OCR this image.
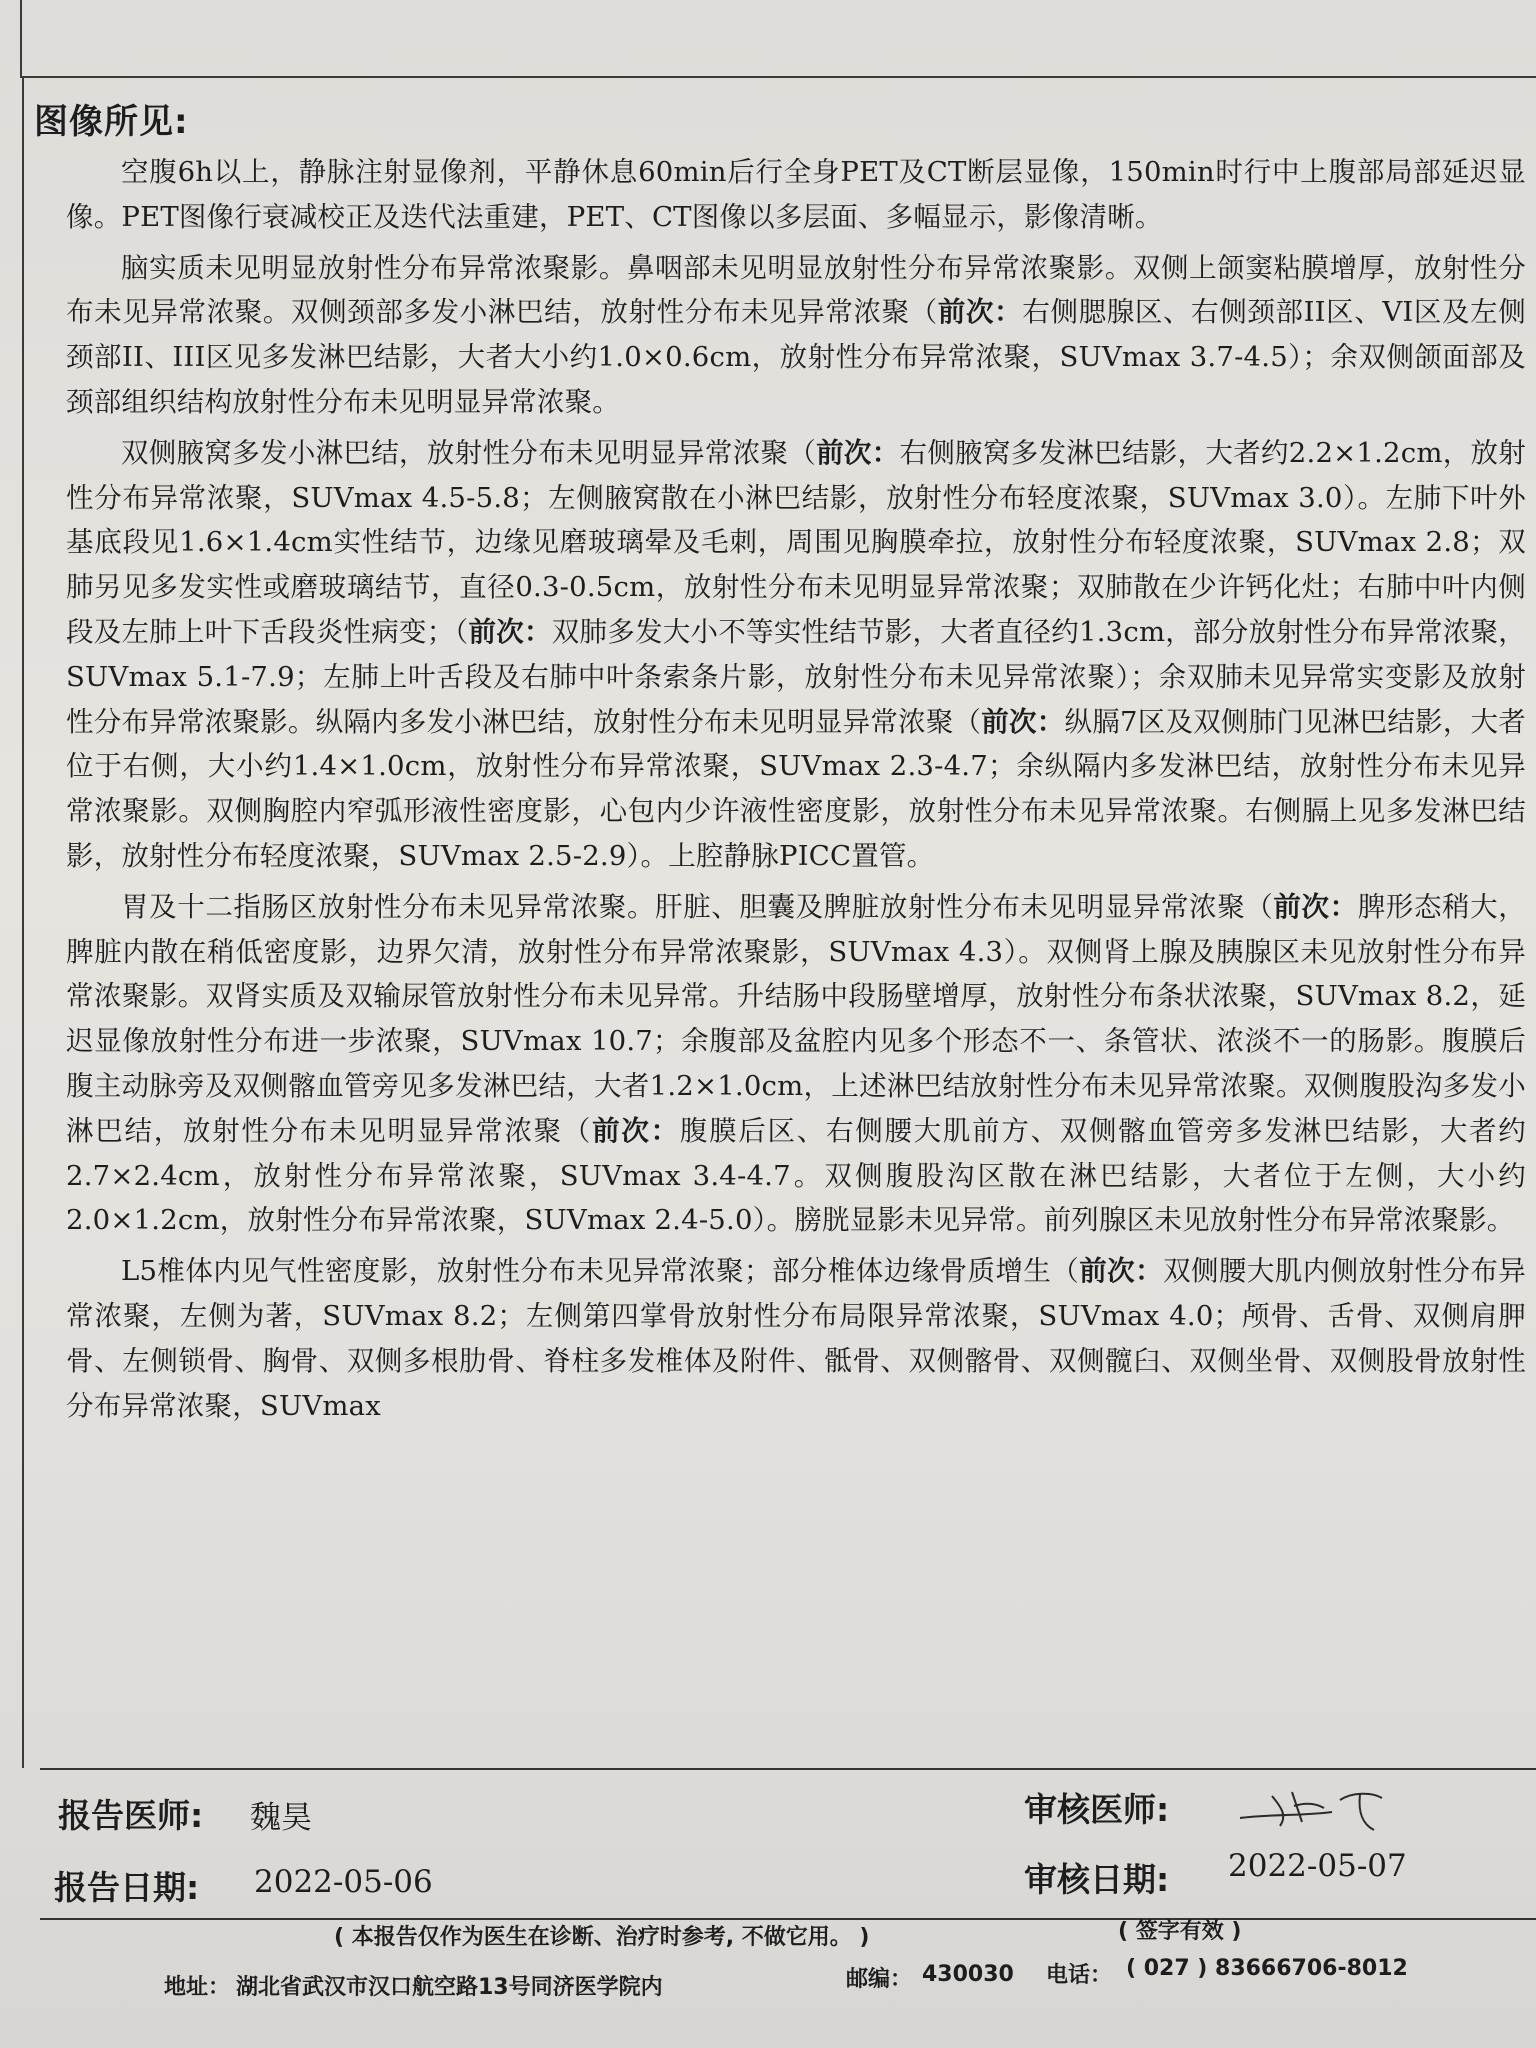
图像所见:

空腹6h以上，静脉注射显像剂，平静休息60min后行全身PET及CT断层显像，150min时行中上腹部局部延迟显像。PET图像行衰减校正及迭代法重建，PET、CT图像以多层面、多幅显示，影像清晰。

脑实质未见明显放射性分布异常浓聚影。鼻咽部未见明显放射性分布异常浓聚影。双侧上颌窦粘膜增厚，放射性分布未见异常浓聚。双侧颈部多发小淋巴结，放射性分布未见异常浓聚（前次：右侧腮腺区、右侧颈部II区、VI区及左侧颈部II、III区见多发淋巴结影，大者大小约1.0×0.6cm，放射性分布异常浓聚，SUVmax 3.7-4.5）；余双侧颌面部及颈部组织结构放射性分布未见明显异常浓聚。

双侧腋窝多发小淋巴结，放射性分布未见明显异常浓聚（前次：右侧腋窝多发淋巴结影，大者约2.2×1.2cm，放射性分布异常浓聚，SUVmax 4.5-5.8；左侧腋窝散在小淋巴结影，放射性分布轻度浓聚，SUVmax 3.0）。左肺下叶外基底段见1.6×1.4cm实性结节，边缘见磨玻璃晕及毛刺，周围见胸膜牵拉，放射性分布轻度浓聚，SUVmax 2.8；双肺另见多发实性或磨玻璃结节，直径0.3-0.5cm，放射性分布未见明显异常浓聚；双肺散在少许钙化灶；右肺中叶内侧段及左肺上叶下舌段炎性病变；（前次：双肺多发大小不等实性结节影，大者直径约1.3cm，部分放射性分布异常浓聚，SUVmax 5.1-7.9；左肺上叶舌段及右肺中叶条索条片影，放射性分布未见异常浓聚）；余双肺未见异常实变影及放射性分布异常浓聚影。纵隔内多发小淋巴结，放射性分布未见明显异常浓聚（前次：纵膈7区及双侧肺门见淋巴结影，大者位于右侧，大小约1.4×1.0cm，放射性分布异常浓聚，SUVmax 2.3-4.7；余纵隔内多发淋巴结，放射性分布未见异常浓聚影。双侧胸腔内窄弧形液性密度影，心包内少许液性密度影，放射性分布未见异常浓聚。右侧膈上见多发淋巴结影，放射性分布轻度浓聚，SUVmax 2.5-2.9）。上腔静脉PICC置管。

胃及十二指肠区放射性分布未见异常浓聚。肝脏、胆囊及脾脏放射性分布未见明显异常浓聚（前次：脾形态稍大，脾脏内散在稍低密度影，边界欠清，放射性分布异常浓聚影，SUVmax 4.3）。双侧肾上腺及胰腺区未见放射性分布异常浓聚影。双肾实质及双输尿管放射性分布未见异常。升结肠中段肠壁增厚，放射性分布条状浓聚，SUVmax 8.2，延迟显像放射性分布进一步浓聚，SUVmax 10.7；余腹部及盆腔内见多个形态不一、条管状、浓淡不一的肠影。腹膜后腹主动脉旁及双侧髂血管旁见多发淋巴结，大者1.2×1.0cm，上述淋巴结放射性分布未见异常浓聚。双侧腹股沟多发小淋巴结，放射性分布未见明显异常浓聚（前次：腹膜后区、右侧腰大肌前方、双侧髂血管旁多发淋巴结影，大者约2.7×2.4cm，放射性分布异常浓聚，SUVmax 3.4-4.7。双侧腹股沟区散在淋巴结影，大者位于左侧，大小约2.0×1.2cm，放射性分布异常浓聚，SUVmax 2.4-5.0）。膀胱显影未见异常。前列腺区未见放射性分布异常浓聚影。

L5椎体内见气性密度影，放射性分布未见异常浓聚；部分椎体边缘骨质增生（前次：双侧腰大肌内侧放射性分布异常浓聚，左侧为著，SUVmax 8.2；左侧第四掌骨放射性分布局限异常浓聚，SUVmax 4.0；颅骨、舌骨、双侧肩胛骨、左侧锁骨、胸骨、双侧多根肋骨、脊柱多发椎体及附件、骶骨、双侧髂骨、双侧髋臼、双侧坐骨、双侧股骨放射性分布异常浓聚，SUVmax

报告医师: 魏昊	审核医师:
报告日期: 2022-05-06	审核日期: 2022-05-07
( 本报告仅作为医生在诊断、治疗时参考, 不做它用。 )	( 签字有效 )
地址： 湖北省武汉市汉口航空路13号同济医学院内	邮编： 430030 电话： ( 027 ) 83666706-8012
